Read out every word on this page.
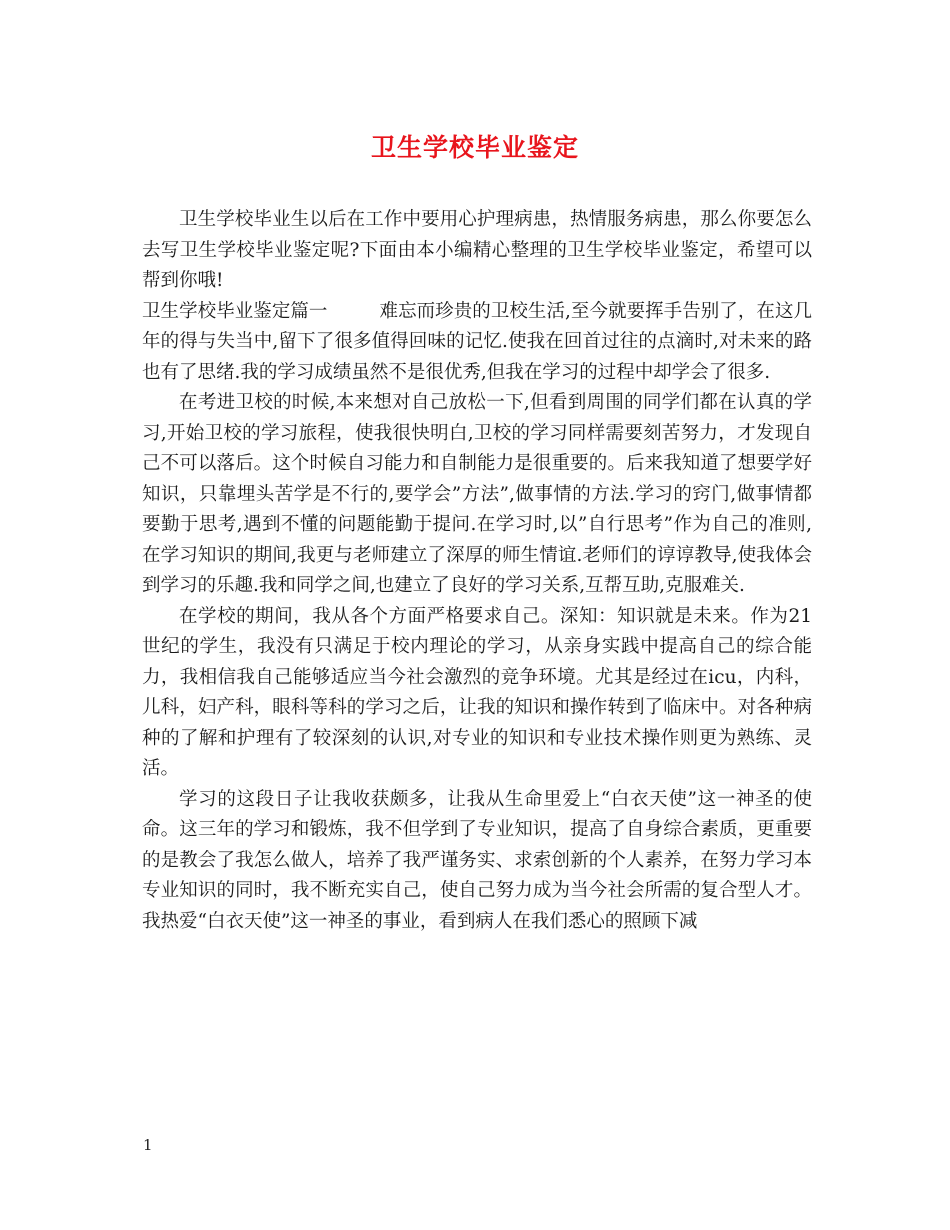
卫生学校毕业鉴定

卫生学校毕业生以后在工作中要用心护理病患，热情服务病患，那么你要怎么去写卫生学校毕业鉴定呢?下面由本小编精心整理的卫生学校毕业鉴定，希望可以帮到你哦!

卫生学校毕业鉴定篇一	难忘而珍贵的卫校生活,至今就要挥手告别了，在这几年的得与失当中,留下了很多值得回味的记忆.使我在回首过往的点滴时,对未来的路也有了思绪.我的学习成绩虽然不是很优秀,但我在学习的过程中却学会了很多.

在考进卫校的时候,本来想对自己放松一下,但看到周围的同学们都在认真的学习,开始卫校的学习旅程，使我很快明白,卫校的学习同样需要刻苦努力，才发现自己不可以落后。这个时候自习能力和自制能力是很重要的。后来我知道了想要学好知识，只靠埋头苦学是不行的,要学会”方法”,做事情的方法.学习的窍门,做事情都要勤于思考,遇到不懂的问题能勤于提问.在学习时,以”自行思考”作为自己的准则,在学习知识的期间,我更与老师建立了深厚的师生情谊.老师们的谆谆教导,使我体会到学习的乐趣.我和同学之间,也建立了良好的学习关系,互帮互助,克服难关.

在学校的期间，我从各个方面严格要求自己。深知：知识就是未来。作为21世纪的学生，我没有只满足于校内理论的学习，从亲身实践中提高自己的综合能力，我相信我自己能够适应当今社会激烈的竞争环境。尤其是经过在icu，内科，儿科，妇产科，眼科等科的学习之后，让我的知识和操作转到了临床中。对各种病种的了解和护理有了较深刻的认识,对专业的知识和专业技术操作则更为熟练、灵活。

学习的这段日子让我收获颇多，让我从生命里爱上“白衣天使”这一神圣的使命。这三年的学习和锻炼，我不但学到了专业知识，提高了自身综合素质，更重要的是教会了我怎么做人，培养了我严谨务实、求索创新的个人素养，在努力学习本专业知识的同时，我不断充实自己，使自己努力成为当今社会所需的复合型人才。我热爱“白衣天使”这一神圣的事业，看到病人在我们悉心的照顾下减

1
